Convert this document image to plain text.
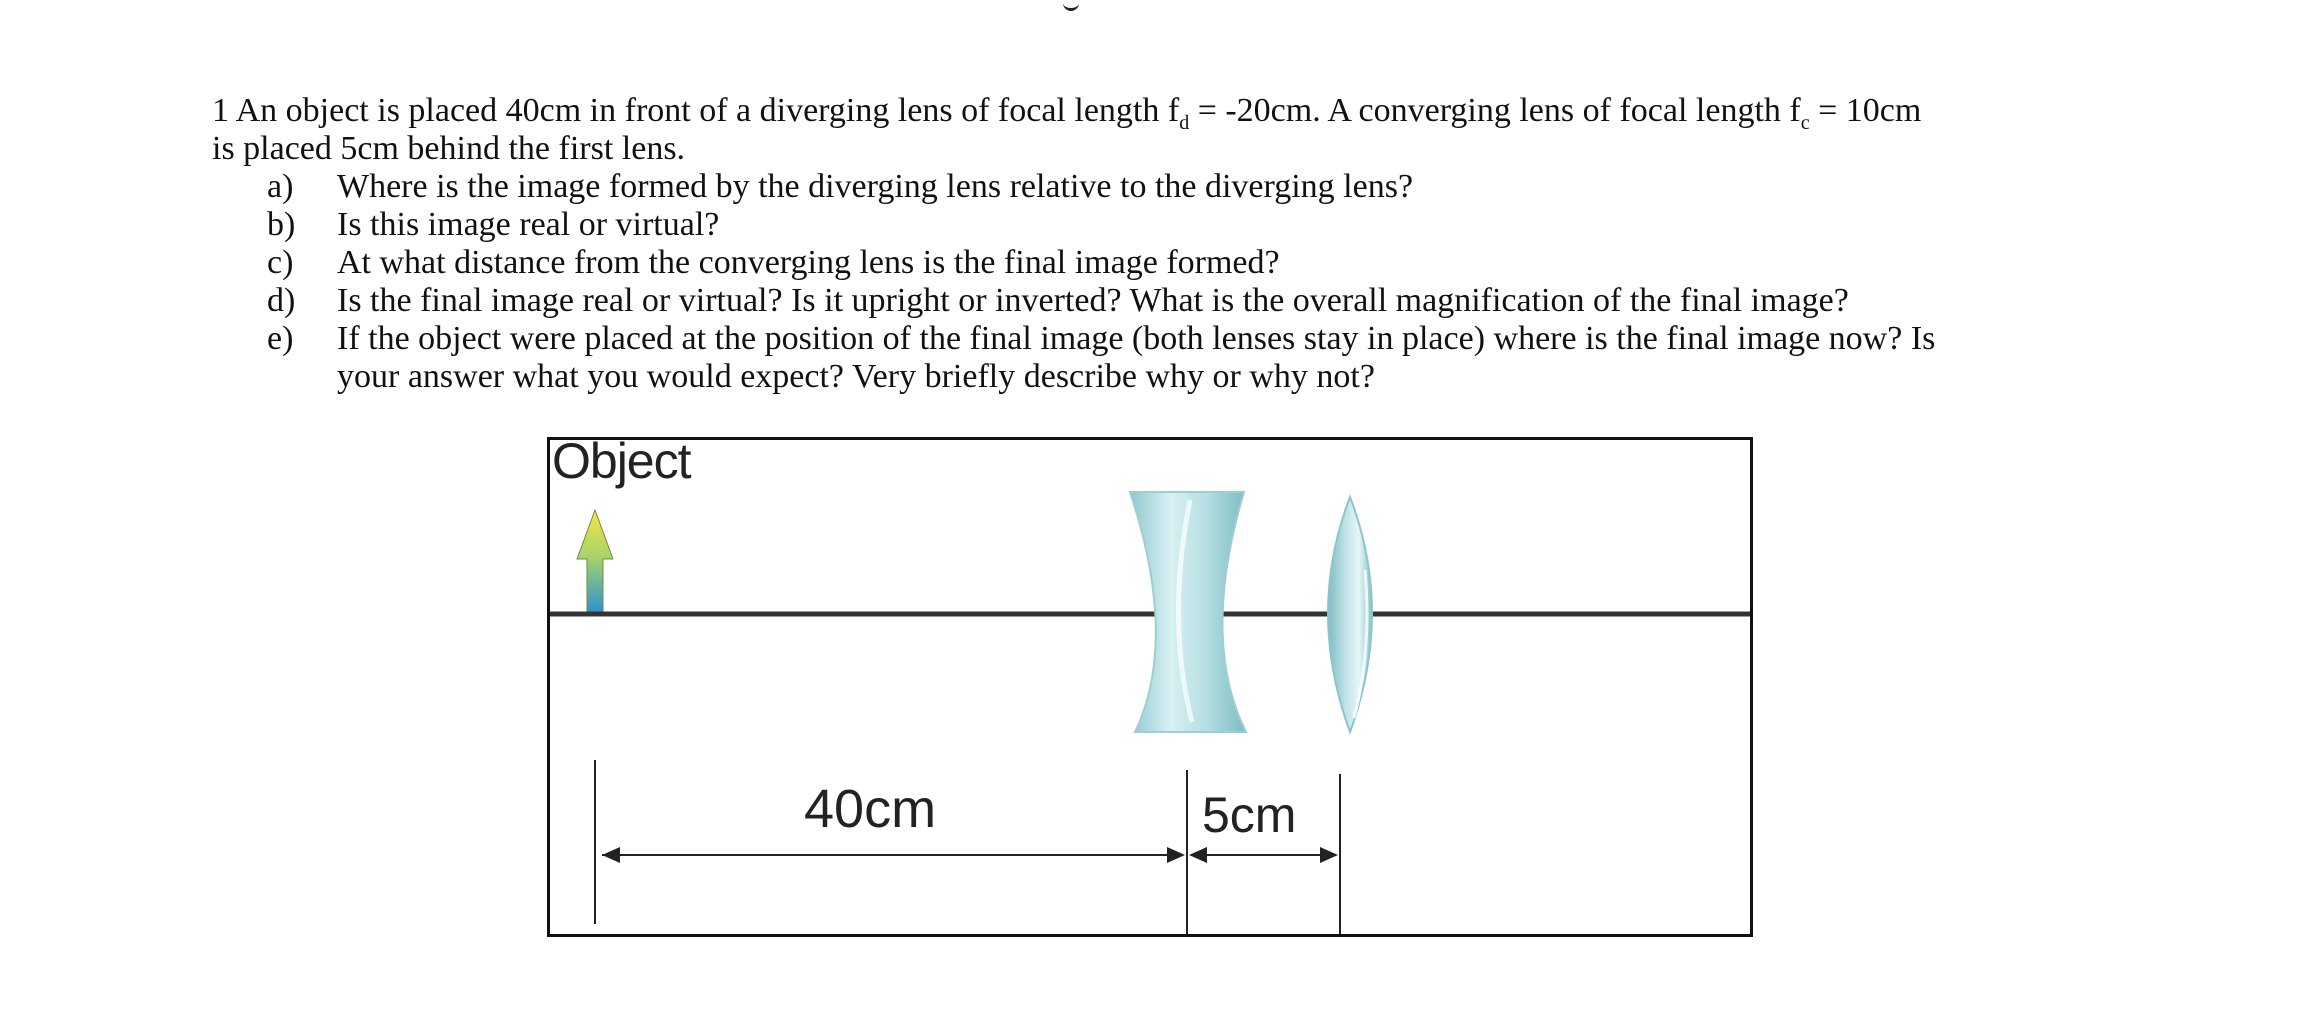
1 An object is placed 40cm in front of a diverging lens of focal length $f_d = -20cm$. A converging lens of focal length $f_c = 10cm$
is placed 5cm behind the first lens.
a) Where is the image formed by the diverging lens relative to the diverging lens?
b) Is this image real or virtual?
c) At what distance from the converging lens is the final image formed?
d) Is the final image real or virtual? Is it upright or inverted? What is the overall magnification of the final image?
e) If the object were placed at the position of the final image (both lenses stay in place) where is the final image now? Is
your answer what you would expect? Very briefly describe why or why not?
Object
40cm	5cm
